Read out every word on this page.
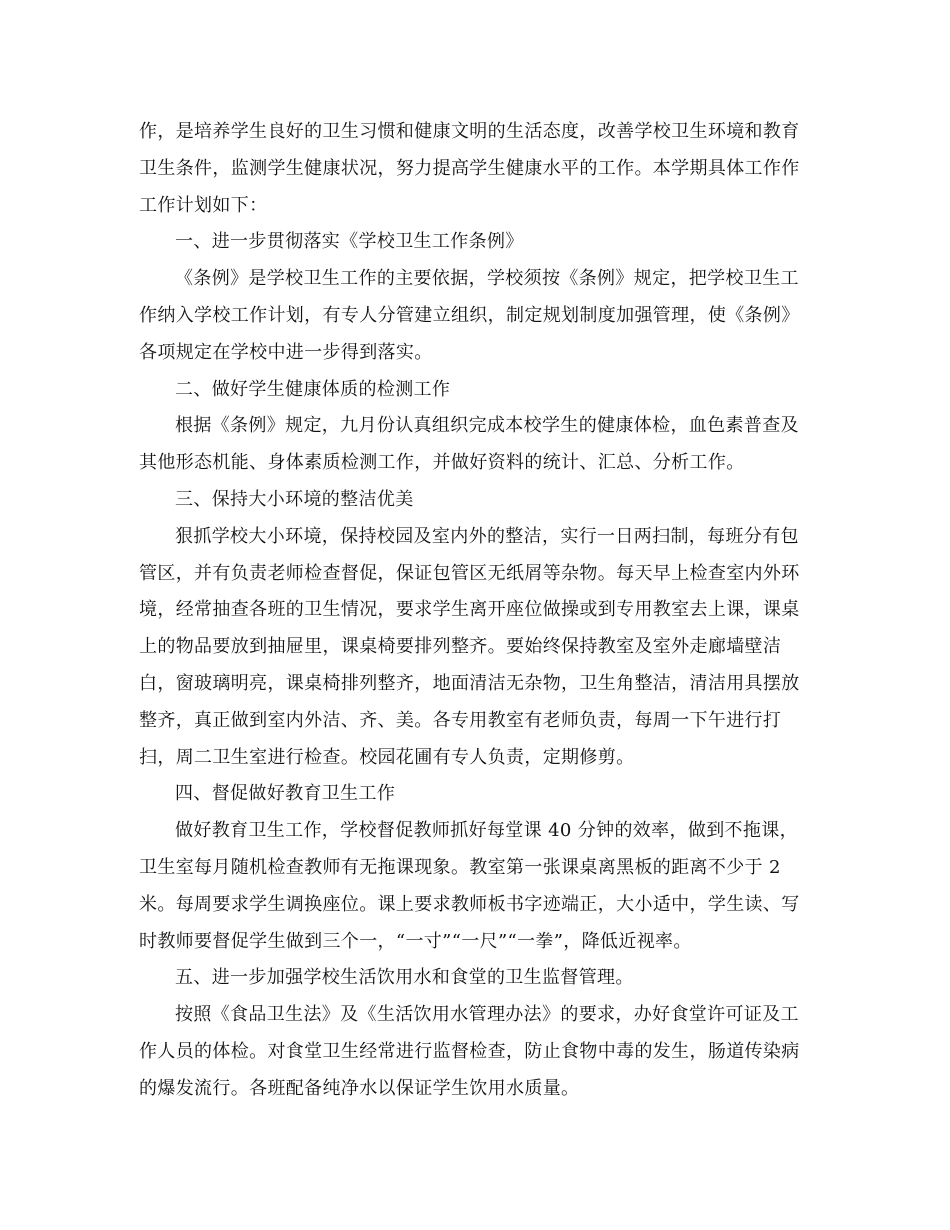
作，是培养学生良好的卫生习惯和健康文明的生活态度，改善学校卫生环境和教育
卫生条件，监测学生健康状况，努力提高学生健康水平的工作。本学期具体工作作
工作计划如下：
一、进一步贯彻落实《学校卫生工作条例》
《条例》是学校卫生工作的主要依据，学校须按《条例》规定，把学校卫生工
作纳入学校工作计划，有专人分管建立组织，制定规划制度加强管理，使《条例》
各项规定在学校中进一步得到落实。
二、做好学生健康体质的检测工作
根据《条例》规定，九月份认真组织完成本校学生的健康体检，血色素普查及
其他形态机能、身体素质检测工作，并做好资料的统计、汇总、分析工作。
三、保持大小环境的整洁优美
狠抓学校大小环境，保持校园及室内外的整洁，实行一日两扫制，每班分有包
管区，并有负责老师检查督促，保证包管区无纸屑等杂物。每天早上检查室内外环
境，经常抽查各班的卫生情况，要求学生离开座位做操或到专用教室去上课，课桌
上的物品要放到抽屉里，课桌椅要排列整齐。要始终保持教室及室外走廊墙壁洁
白，窗玻璃明亮，课桌椅排列整齐，地面清洁无杂物，卫生角整洁，清洁用具摆放
整齐，真正做到室内外洁、齐、美。各专用教室有老师负责，每周一下午进行打
扫，周二卫生室进行检查。校园花圃有专人负责，定期修剪。
四、督促做好教育卫生工作
做好教育卫生工作，学校督促教师抓好每堂课 40 分钟的效率，做到不拖课，
卫生室每月随机检查教师有无拖课现象。教室第一张课桌离黑板的距离不少于 2
米。每周要求学生调换座位。课上要求教师板书字迹端正，大小适中，学生读、写
时教师要督促学生做到三个一，“一寸”“一尺”“一拳”，降低近视率。
五、进一步加强学校生活饮用水和食堂的卫生监督管理。
按照《食品卫生法》及《生活饮用水管理办法》的要求，办好食堂许可证及工
作人员的体检。对食堂卫生经常进行监督检查，防止食物中毒的发生，肠道传染病
的爆发流行。各班配备纯净水以保证学生饮用水质量。
